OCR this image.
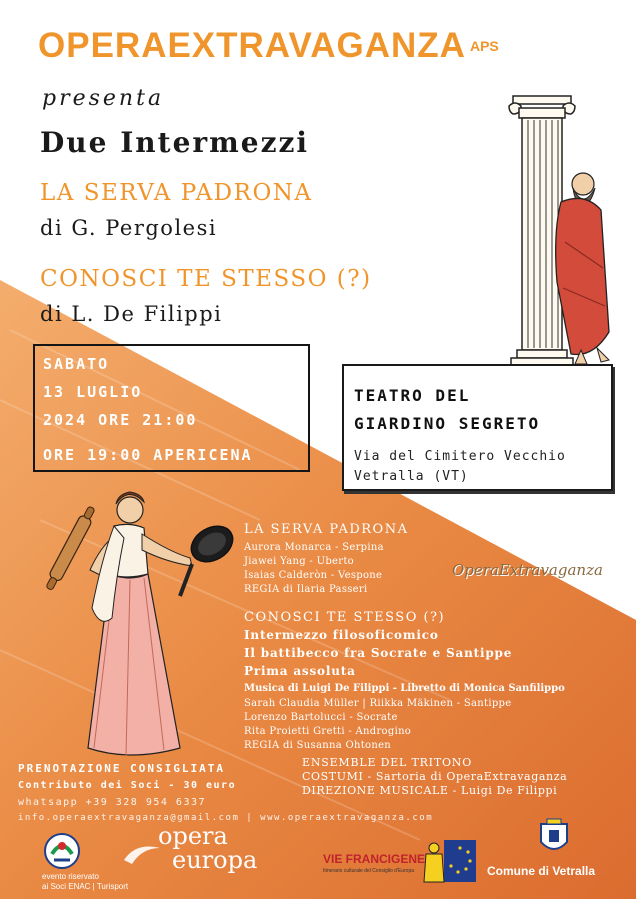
OPERAEXTRAVAGANZA APS
presenta
Due Intermezzi
LA SERVA PADRONA
di G. Pergolesi
CONOSCI TE STESSO (?)
di L. De Filippi
SABATO
13 LUGLIO
2024 ORE 21:00
ORE 19:00 APERICENA
TEATRO DEL
GIARDINO SEGRETO
Via del Cimitero Vecchio
Vetralla (VT)
LA SERVA PADRONA
Aurora Monarca - Serpina
Jiawei Yang - Uberto
Isaias Calderòn - Vespone
REGIA di Ilaria Passeri
OperaExtravaganza
CONOSCI TE STESSO (?)
Intermezzo filosoficomico
Il battibecco fra Socrate e Santippe
Prima assoluta
Musica di Luigi De Filippi - Libretto di Monica Sanfilippo
Sarah Claudia Müller | Riikka Mäkinen - Santippe
Lorenzo Bartolucci - Socrate
Rita Proietti Gretti - Androgino
REGIA di Susanna Ohtonen
ENSEMBLE DEL TRITONO
COSTUMI - Sartoria di OperaExtravaganza
DIREZIONE MUSICALE - Luigi De Filippi
PRENOTAZIONE CONSIGLIATA
Contributo dei Soci - 30 euro
whatsapp +39 328 954 6337
info.operaextravaganza@gmail.com | www.operaextravaganza.com
evento riservato
ai Soci ENAC | Turisport
opera
europa	VIE FRANCIGENE
Itinerario culturale del Consiglio d'Europa	Comune di Vetralla
